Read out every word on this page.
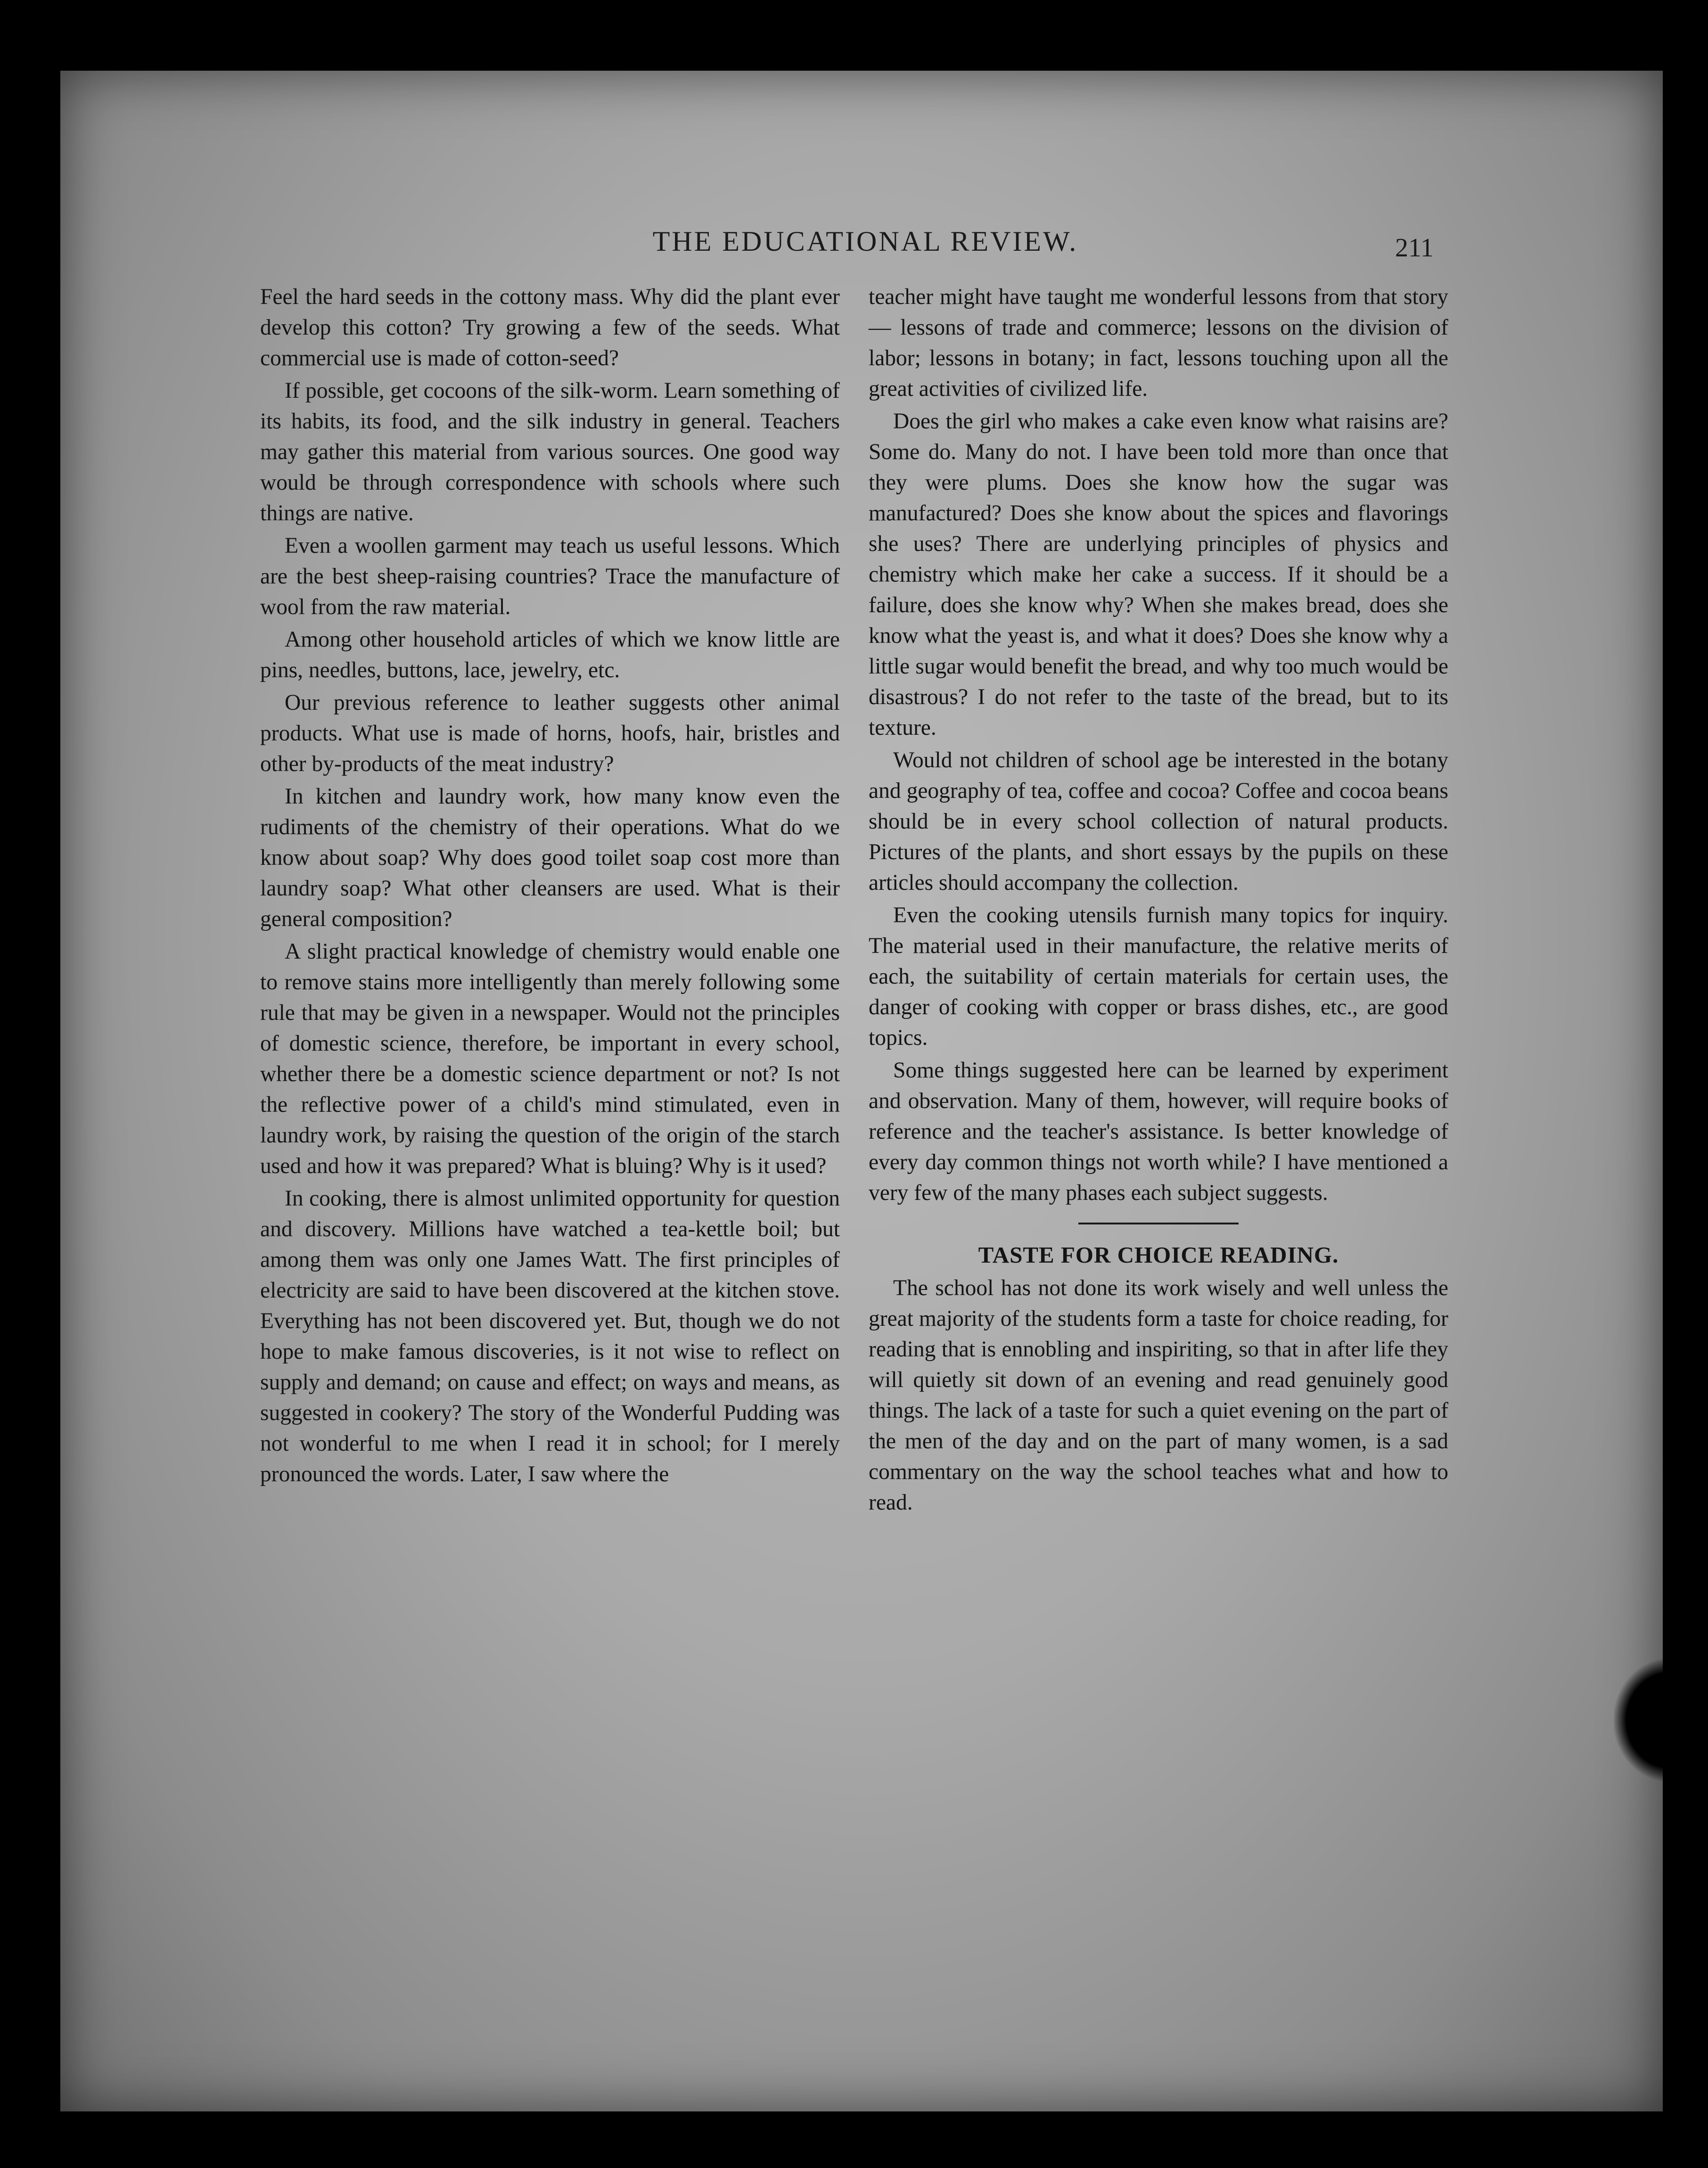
THE EDUCATIONAL REVIEW.	211

Feel the hard seeds in the cottony mass. Why did the plant ever develop this cotton? Try growing a few of the seeds. What commercial use is made of cotton-seed?

If possible, get cocoons of the silk-worm. Learn something of its habits, its food, and the silk industry in general. Teachers may gather this material from various sources. One good way would be through correspondence with schools where such things are native.

Even a woollen garment may teach us useful lessons. Which are the best sheep-raising countries? Trace the manufacture of wool from the raw material.

Among other household articles of which we know little are pins, needles, buttons, lace, jewelry, etc.

Our previous reference to leather suggests other animal products. What use is made of horns, hoofs, hair, bristles and other by-products of the meat industry?

In kitchen and laundry work, how many know even the rudiments of the chemistry of their operations. What do we know about soap? Why does good toilet soap cost more than laundry soap? What other cleansers are used. What is their general composition?

A slight practical knowledge of chemistry would enable one to remove stains more intelligently than merely following some rule that may be given in a newspaper. Would not the principles of domestic science, therefore, be important in every school, whether there be a domestic science department or not? Is not the reflective power of a child's mind stimulated, even in laundry work, by raising the question of the origin of the starch used and how it was prepared? What is bluing? Why is it used?

In cooking, there is almost unlimited opportunity for question and discovery. Millions have watched a tea-kettle boil; but among them was only one James Watt. The first principles of electricity are said to have been discovered at the kitchen stove. Everything has not been discovered yet. But, though we do not hope to make famous discoveries, is it not wise to reflect on supply and demand; on cause and effect; on ways and means, as suggested in cookery? The story of the Wonderful Pudding was not wonderful to me when I read it in school; for I merely pronounced the words. Later, I saw where the

teacher might have taught me wonderful lessons from that story — lessons of trade and commerce; lessons on the division of labor; lessons in botany; in fact, lessons touching upon all the great activities of civilized life.

Does the girl who makes a cake even know what raisins are? Some do. Many do not. I have been told more than once that they were plums. Does she know how the sugar was manufactured? Does she know about the spices and flavorings she uses? There are underlying principles of physics and chemistry which make her cake a success. If it should be a failure, does she know why? When she makes bread, does she know what the yeast is, and what it does? Does she know why a little sugar would benefit the bread, and why too much would be disastrous? I do not refer to the taste of the bread, but to its texture.

Would not children of school age be interested in the botany and geography of tea, coffee and cocoa? Coffee and cocoa beans should be in every school collection of natural products. Pictures of the plants, and short essays by the pupils on these articles should accompany the collection.

Even the cooking utensils furnish many topics for inquiry. The material used in their manufacture, the relative merits of each, the suitability of certain materials for certain uses, the danger of cooking with copper or brass dishes, etc., are good topics.

Some things suggested here can be learned by experiment and observation. Many of them, however, will require books of reference and the teacher's assistance. Is better knowledge of every day common things not worth while? I have mentioned a very few of the many phases each subject suggests.

TASTE FOR CHOICE READING.

The school has not done its work wisely and well unless the great majority of the students form a taste for choice reading, for reading that is ennobling and inspiriting, so that in after life they will quietly sit down of an evening and read genuinely good things. The lack of a taste for such a quiet evening on the part of the men of the day and on the part of many women, is a sad commentary on the way the school teaches what and how to read.
